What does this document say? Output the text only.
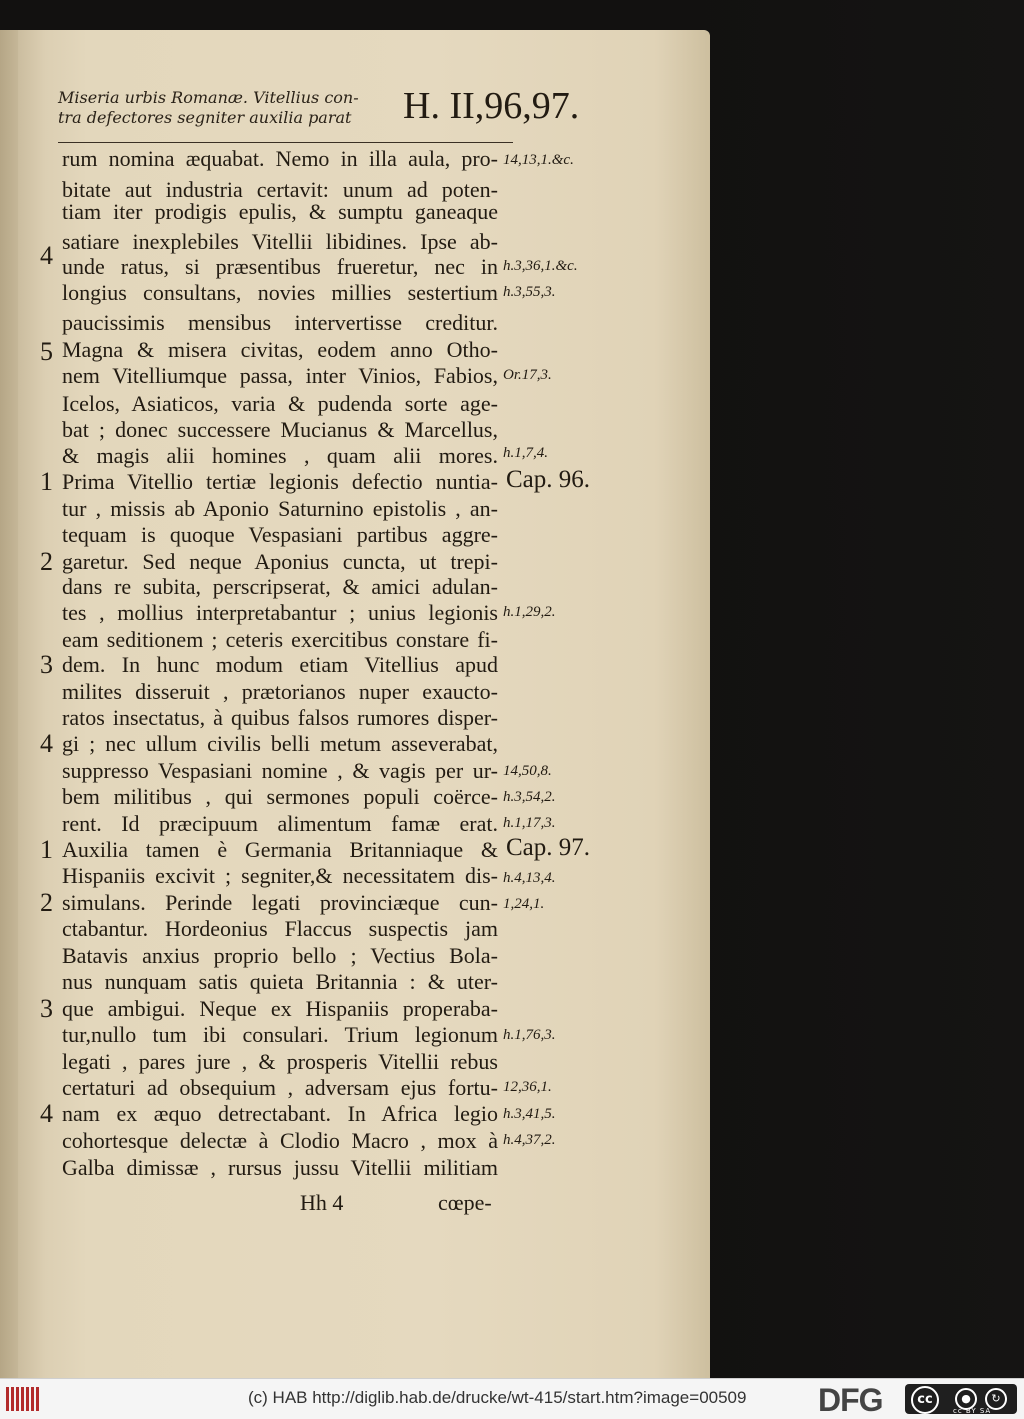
Miseria urbis Romanæ. Vitellius con-
tra defectores segniter auxilia parat H. II,96,97.
rum nomina æquabat. Nemo in illa aula, pro-
bitate aut industria certavit: unum ad poten-
tiam iter prodigis epulis, & sumptu ganeaque
satiare inexplebiles Vitellii libidines. Ipse ab-
unde ratus, si præsentibus frueretur, nec in
longius consultans, novies millies sestertium
paucissimis mensibus intervertisse creditur.
Magna & misera civitas, eodem anno Otho-
nem Vitelliumque passa, inter Vinios, Fabios,
Icelos, Asiaticos, varia & pudenda sorte age-
bat ; donec successere Mucianus & Marcellus,
& magis alii homines , quam alii mores.
Prima Vitellio tertiæ legionis defectio nuntia-
tur , missis ab Aponio Saturnino epistolis , an-
tequam is quoque Vespasiani partibus aggre-
garetur. Sed neque Aponius cuncta, ut trepi-
dans re subita, perscripserat, & amici adulan-
tes , mollius interpretabantur ; unius legionis
eam seditionem ; ceteris exercitibus constare fi-
dem. In hunc modum etiam Vitellius apud
milites disseruit , prætorianos nuper exaucto-
ratos insectatus, à quibus falsos rumores disper-
gi ; nec ullum civilis belli metum asseverabat,
suppresso Vespasiani nomine , & vagis per ur-
bem militibus , qui sermones populi coërce-
rent. Id præcipuum alimentum famæ erat.
Auxilia tamen è Germania Britanniaque &
Hispaniis excivit ; segniter,& necessitatem dis-
simulans. Perinde legati provinciæque cun-
ctabantur. Hordeonius Flaccus suspectis jam
Batavis anxius proprio bello ; Vectius Bola-
nus nunquam satis quieta Britannia : & uter-
que ambigui. Neque ex Hispaniis properaba-
tur,nullo tum ibi consulari. Trium legionum
legati , pares jure , & prosperis Vitellii rebus
certaturi ad obsequium , adversam ejus fortu-
nam ex æquo detrectabant. In Africa legio
cohortesque delectæ à Clodio Macro , mox à
Galba dimissæ , rursus jussu Vitellii militiam
4
5
1
2
3
4
1
2
3
4
14,13,1.&c.
h.3,36,1.&c.
h.3,55,3.
Or.17,3.
h.1,7,4.
h.1,29,2.
14,50,8.
h.3,54,2.
h.1,17,3.
h.4,13,4.
1,24,1.
h.1,76,3.
12,36,1.
h.3,41,5.
h.4,37,2.
Cap. 96.
Cap. 97.
Hh 4	cœpe-
(c) HAB http://diglib.hab.de/drucke/wt-415/start.htm?image=00509 DFG	cc	●	↻
cc BY SA
